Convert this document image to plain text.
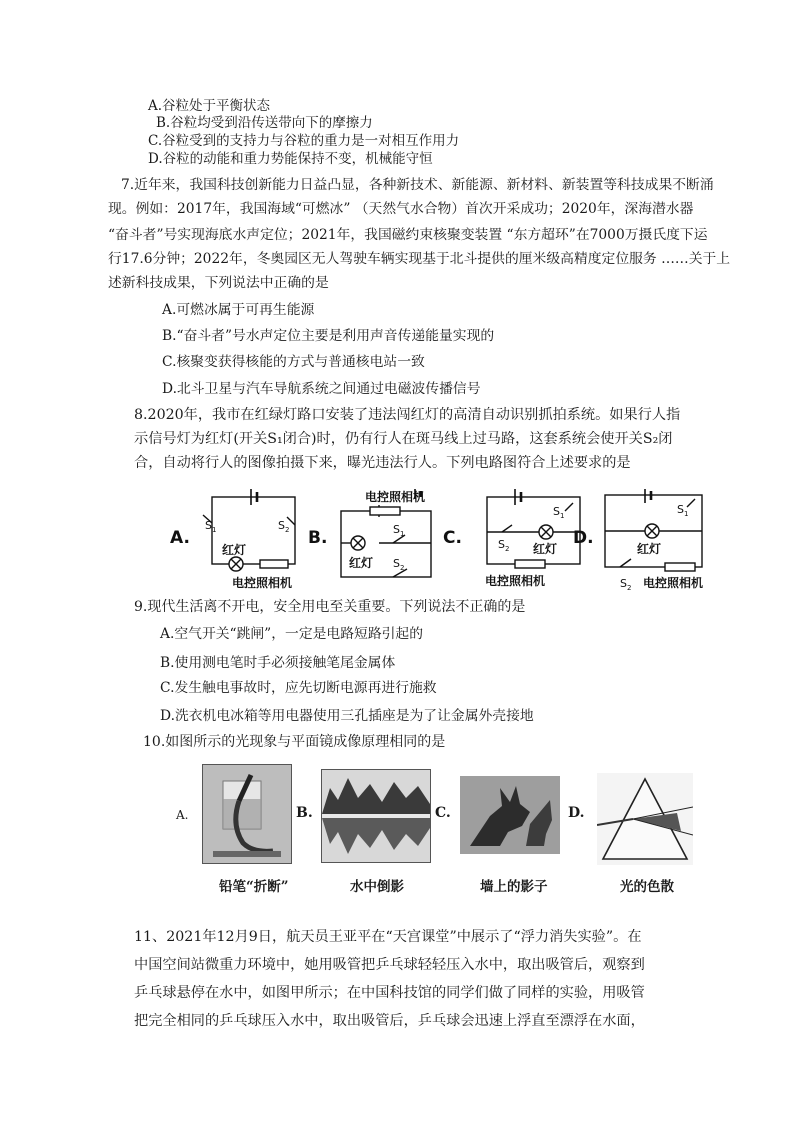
A.谷粒处于平衡状态
B.谷粒均受到沿传送带向下的摩擦力
C.谷粒受到的支持力与谷粒的重力是一对相互作用力
D.谷粒的动能和重力势能保持不变，机械能守恒
7.近年来，我国科技创新能力日益凸显，各种新技术、新能源、新材料、新装置等科技成果不断涌
现。例如：2017年，我国海域“可燃冰” （天然气水合物）首次开采成功；2020年，深海潜水器
“奋斗者”号实现海底水声定位；2021年，我国磁约束核聚变装置 “东方超环”在7000万摄氏度下运
行17.6分钟；2022年，冬奥园区无人驾驶车辆实现基于北斗提供的厘米级高精度定位服务 ……关于上
述新科技成果，下列说法中正确的是
A.可燃冰属于可再生能源
B.“奋斗者”号水声定位主要是利用声音传递能量实现的
C.核聚变获得核能的方式与普通核电站一致
D.北斗卫星与汽车导航系统之间通过电磁波传播信号
8.2020年，我市在红绿灯路口安装了违法闯红灯的高清自动识别抓拍系统。如果行人指
示信号灯为红灯(开关S₁闭合)时，仍有行人在斑马线上过马路，这套系统会使开关S₂闭
合，自动将行人的图像拍摄下来，曝光违法行人。下列电路图符合上述要求的是
A.	B.	C.	D.
$S_1$	$S_2$
红灯
电控照相机
电控照相机
$S_1$
$S_2$
红灯
$S_1$
$S_2$ 红灯
电控照相机
$S_1$
红灯
$S_2$ 电控照相机
9.现代生活离不开电，安全用电至关重要。下列说法不正确的是
A.空气开关“跳闸”，一定是电路短路引起的
B.使用测电笔时手必须接触笔尾金属体
C.发生触电事故时，应先切断电源再进行施救
D.洗衣机电冰箱等用电器使用三孔插座是为了让金属外壳接地
10.如图所示的光现象与平面镜成像原理相同的是
A.	B.	C.	D.
铅笔“折断”	水中倒影	墙上的影子	光的色散
11、2021年12月9日，航天员王亚平在“天宫课堂”中展示了“浮力消失实验”。在
中国空间站微重力环境中，她用吸管把乒乓球轻轻压入水中，取出吸管后，观察到
乒乓球悬停在水中，如图甲所示；在中国科技馆的同学们做了同样的实验，用吸管
把完全相同的乒乓球压入水中，取出吸管后，乒乓球会迅速上浮直至漂浮在水面，
